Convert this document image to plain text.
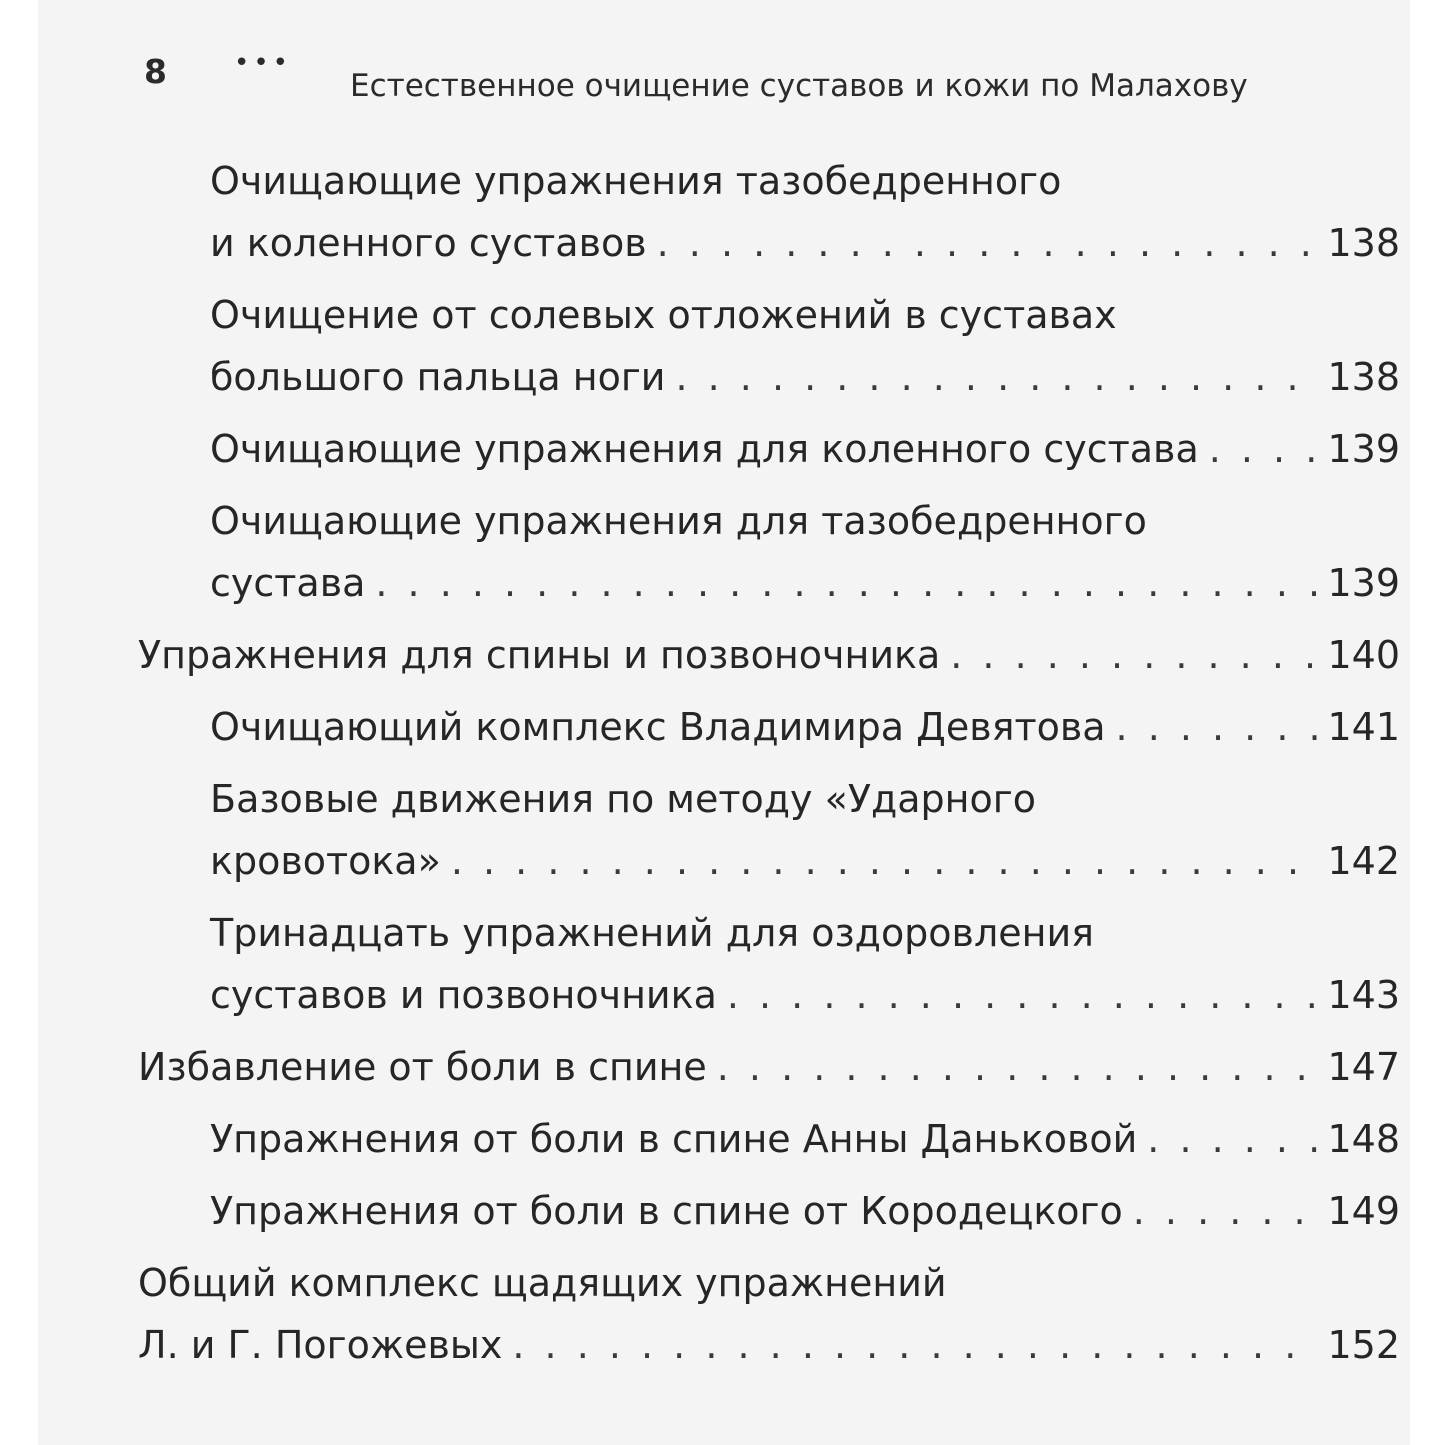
8	•••
Естественное очищение суставов и кожи по Малахову
Очищающие упражнения тазобедренного
и коленного суставов . . .	138
Очищение от солевых отложений в суставах
большого пальца ноги . . .	138
Очищающие упражнения для коленного сустава . . .	139
Очищающие упражнения для тазобедренного
сустава . . .	139
Упражнения для спины и позвоночника . . .	140
Очищающий комплекс Владимира Девятова . . .	141
Базовые движения по методу «Ударного
кровотока» . . .	142
Тринадцать упражнений для оздоровления
суставов и позвоночника . . .	143
Избавление от боли в спине . . .	147
Упражнения от боли в спине Анны Даньковой . . .	148
Упражнения от боли в спине от Кородецкого . . .	149
Общий комплекс щадящих упражнений
Л. и Г. Погожевых . . .	152
